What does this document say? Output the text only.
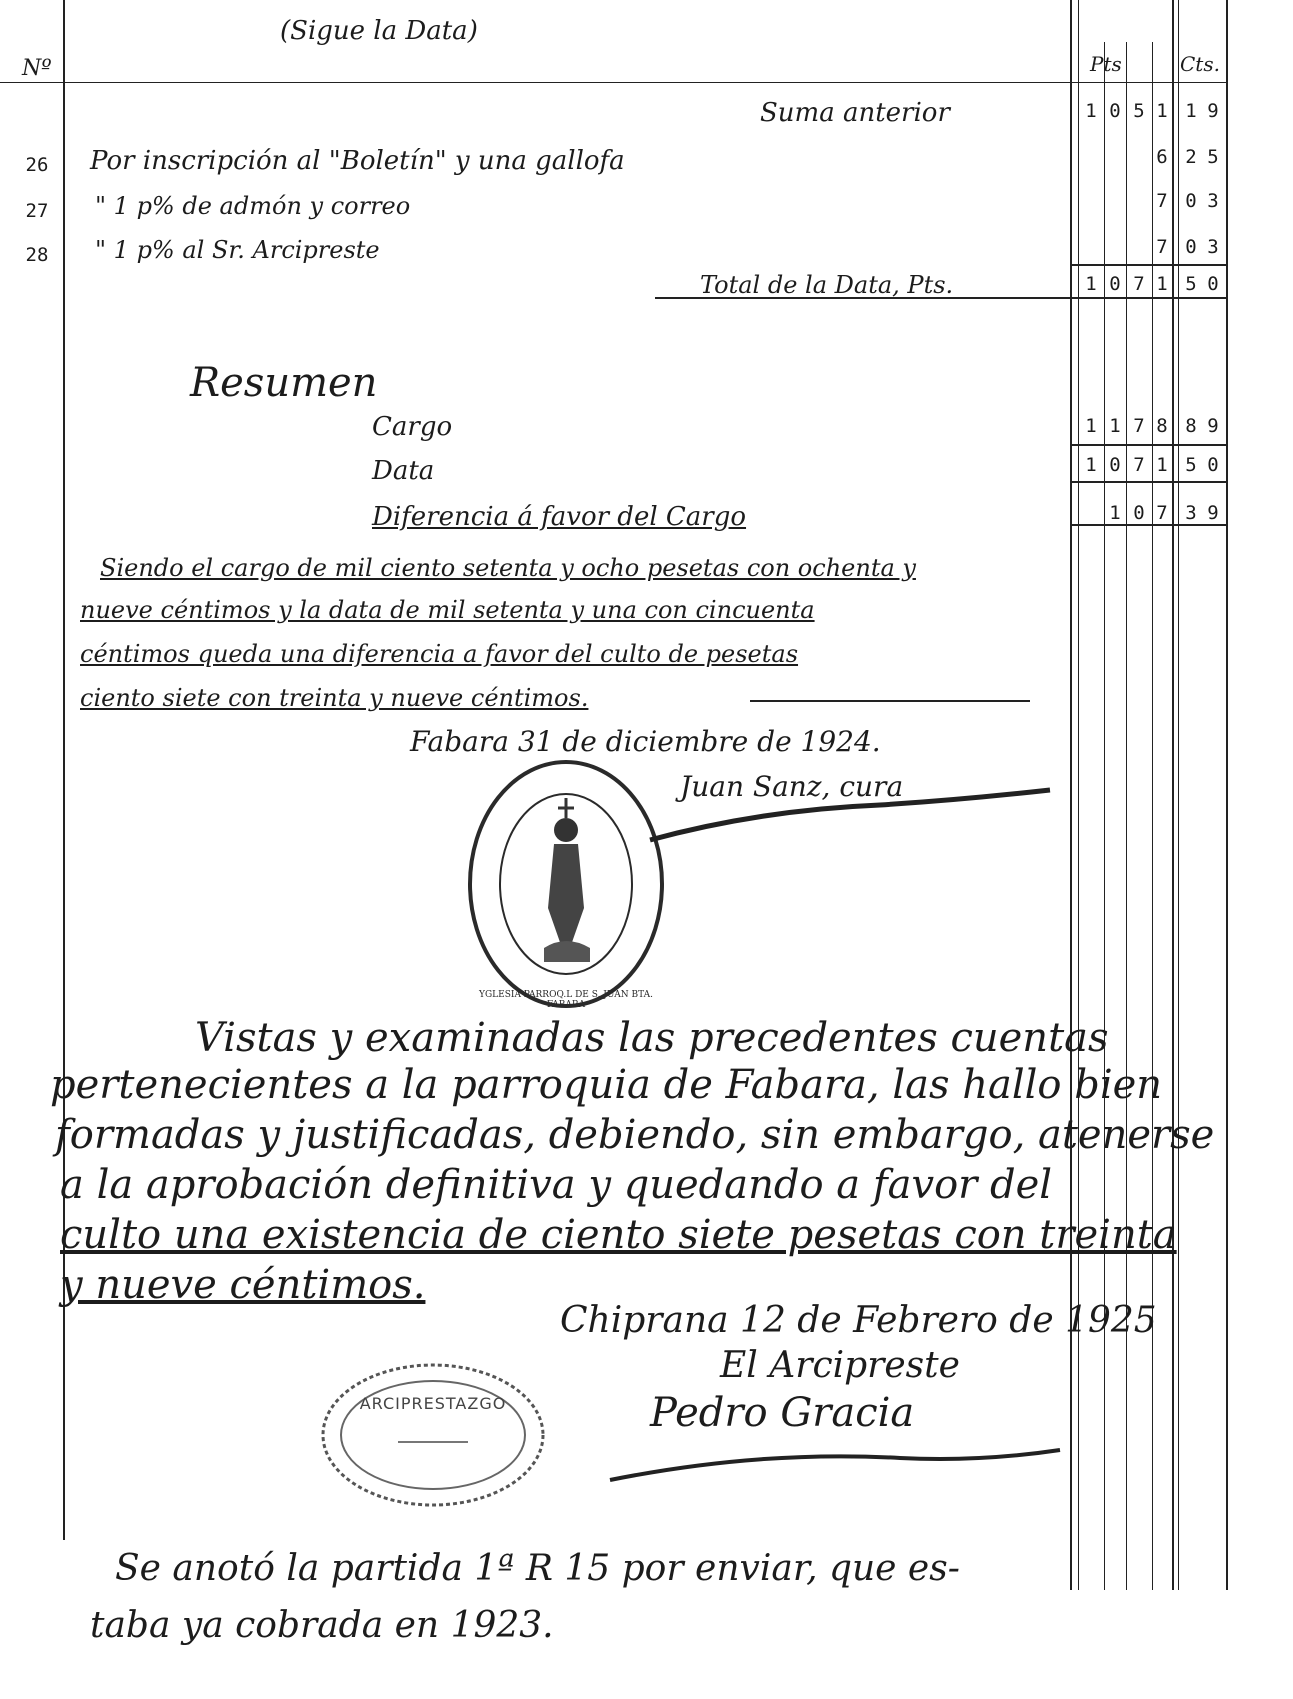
(Sigue la Data)
Nº	Pts	Cts.
Suma anterior	1 0 5 1 1 9
26 Por inscripción al "Boletín" y una gallofa	6 2 5
27 " 1 p% de admón y correo	7 0 3
28 " 1 p% al Sr. Arcipreste	7 0 3
Total de la Data, Pts.	1 0 7 1 5 0
Resumen
Cargo	1 1 7 8 8 9
Data	1 0 7 1 5 0
Diferencia á favor del Cargo	1 0 7 3 9
Siendo el cargo de mil ciento setenta y ocho pesetas con ochenta y
nueve céntimos y la data de mil setenta y una con cincuenta
céntimos queda una diferencia a favor del culto de pesetas
ciento siete con treinta y nueve céntimos.
Fabara 31 de diciembre de 1924.
Juan Sanz, cura
YGLESIA PARROQ.L DE S. JUAN BTA. FABARA
Vistas y examinadas las precedentes cuentas
pertenecientes a la parroquia de Fabara, las hallo bien
formadas y justificadas, debiendo, sin embargo, atenerse
a la aprobación definitiva y quedando a favor del
culto una existencia de ciento siete pesetas con treinta
y nueve céntimos.
Chiprana 12 de Febrero de 1925
El Arcipreste
Pedro Gracia
ARCIPRESTAZGO
Se anotó la partida 1ª R 15 por enviar, que es-
taba ya cobrada en 1923.
